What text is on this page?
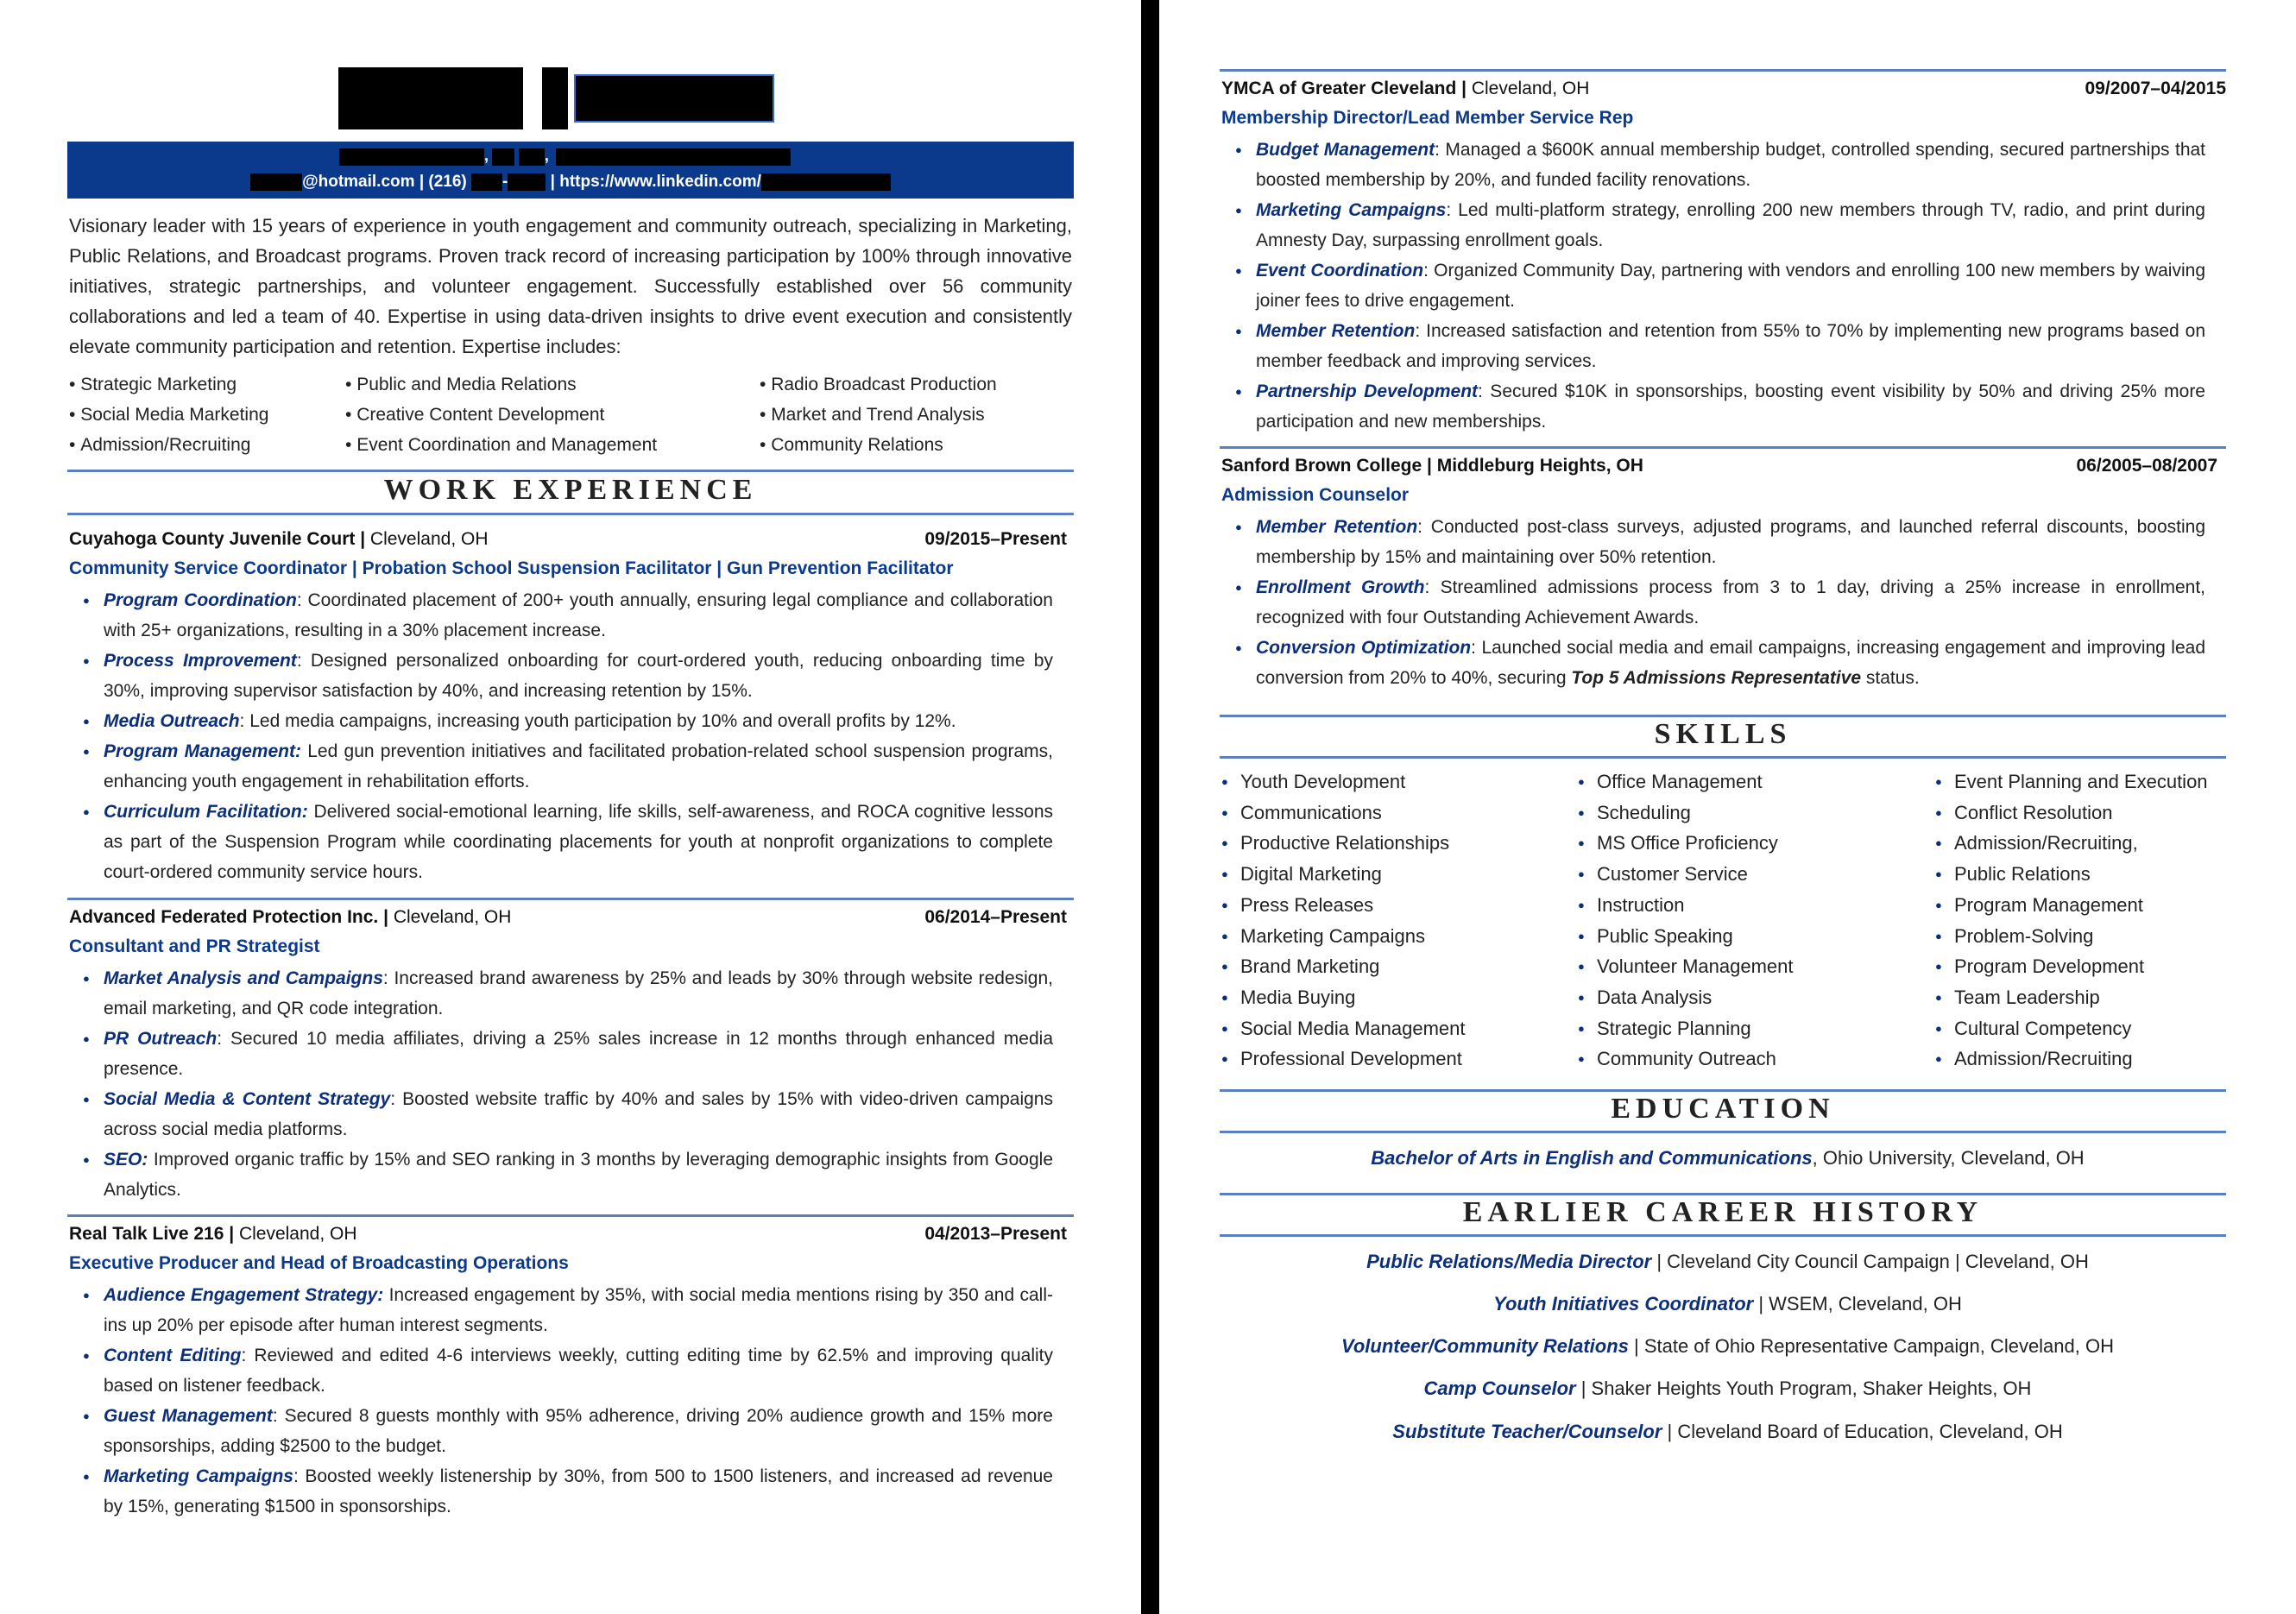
,	,
@hotmail.com | (216) -	| https://www.linkedin.com/
Visionary leader with 15 years of experience in youth engagement and community outreach, specializing in Marketing, Public Relations, and Broadcast programs. Proven track record of increasing participation by 100% through innovative initiatives, strategic partnerships, and volunteer engagement. Successfully established over 56 community collaborations and led a team of 40. Expertise in using data-driven insights to drive event execution and consistently elevate community participation and retention. Expertise includes:
• Strategic Marketing
• Social Media Marketing
• Admission/Recruiting
• Public and Media Relations
• Creative Content Development
• Event Coordination and Management
• Radio Broadcast Production
• Market and Trend Analysis
• Community Relations
WORK EXPERIENCE
Cuyahoga County Juvenile Court | Cleveland, OH	09/2015–Present
Community Service Coordinator | Probation School Suspension Facilitator | Gun Prevention Facilitator
● Program Coordination: Coordinated placement of 200+ youth annually, ensuring legal compliance and collaboration with 25+ organizations, resulting in a 30% placement increase.
● Process Improvement: Designed personalized onboarding for court-ordered youth, reducing onboarding time by 30%, improving supervisor satisfaction by 40%, and increasing retention by 15%.
● Media Outreach: Led media campaigns, increasing youth participation by 10% and overall profits by 12%.
● Program Management: Led gun prevention initiatives and facilitated probation-related school suspension programs, enhancing youth engagement in rehabilitation efforts.
● Curriculum Facilitation: Delivered social-emotional learning, life skills, self-awareness, and ROCA cognitive lessons as part of the Suspension Program while coordinating placements for youth at nonprofit organizations to complete court-ordered community service hours.
Advanced Federated Protection Inc. | Cleveland, OH	06/2014–Present
Consultant and PR Strategist
● Market Analysis and Campaigns: Increased brand awareness by 25% and leads by 30% through website redesign, email marketing, and QR code integration.
● PR Outreach: Secured 10 media affiliates, driving a 25% sales increase in 12 months through enhanced media presence.
● Social Media & Content Strategy: Boosted website traffic by 40% and sales by 15% with video-driven campaigns across social media platforms.
● SEO: Improved organic traffic by 15% and SEO ranking in 3 months by leveraging demographic insights from Google Analytics.
Real Talk Live 216 | Cleveland, OH	04/2013–Present
Executive Producer and Head of Broadcasting Operations
● Audience Engagement Strategy: Increased engagement by 35%, with social media mentions rising by 350 and call-ins up 20% per episode after human interest segments.
● Content Editing: Reviewed and edited 4-6 interviews weekly, cutting editing time by 62.5% and improving quality based on listener feedback.
● Guest Management: Secured 8 guests monthly with 95% adherence, driving 20% audience growth and 15% more sponsorships, adding $2500 to the budget.
● Marketing Campaigns: Boosted weekly listenership by 30%, from 500 to 1500 listeners, and increased ad revenue by 15%, generating $1500 in sponsorships.
YMCA of Greater Cleveland | Cleveland, OH	09/2007–04/2015
Membership Director/Lead Member Service Rep
● Budget Management: Managed a $600K annual membership budget, controlled spending, secured partnerships that boosted membership by 20%, and funded facility renovations.
● Marketing Campaigns: Led multi-platform strategy, enrolling 200 new members through TV, radio, and print during Amnesty Day, surpassing enrollment goals.
● Event Coordination: Organized Community Day, partnering with vendors and enrolling 100 new members by waiving joiner fees to drive engagement.
● Member Retention: Increased satisfaction and retention from 55% to 70% by implementing new programs based on member feedback and improving services.
● Partnership Development: Secured $10K in sponsorships, boosting event visibility by 50% and driving 25% more participation and new memberships.
Sanford Brown College | Middleburg Heights, OH	06/2005–08/2007
Admission Counselor
● Member Retention: Conducted post-class surveys, adjusted programs, and launched referral discounts, boosting membership by 15% and maintaining over 50% retention.
● Enrollment Growth: Streamlined admissions process from 3 to 1 day, driving a 25% increase in enrollment, recognized with four Outstanding Achievement Awards.
● Conversion Optimization: Launched social media and email campaigns, increasing engagement and improving lead conversion from 20% to 40%, securing Top 5 Admissions Representative status.
SKILLS
● Youth Development
● Communications
● Productive Relationships
● Digital Marketing
● Press Releases
● Marketing Campaigns
● Brand Marketing
● Media Buying
● Social Media Management
● Professional Development
● Office Management
● Scheduling
● MS Office Proficiency
● Customer Service
● Instruction
● Public Speaking
● Volunteer Management
● Data Analysis
● Strategic Planning
● Community Outreach
● Event Planning and Execution
● Conflict Resolution
● Admission/Recruiting,
● Public Relations
● Program Management
● Problem-Solving
● Program Development
● Team Leadership
● Cultural Competency
● Admission/Recruiting
EDUCATION
Bachelor of Arts in English and Communications, Ohio University, Cleveland, OH
EARLIER CAREER HISTORY
Public Relations/Media Director | Cleveland City Council Campaign | Cleveland, OH
Youth Initiatives Coordinator | WSEM, Cleveland, OH
Volunteer/Community Relations | State of Ohio Representative Campaign, Cleveland, OH
Camp Counselor | Shaker Heights Youth Program, Shaker Heights, OH
Substitute Teacher/Counselor | Cleveland Board of Education, Cleveland, OH
